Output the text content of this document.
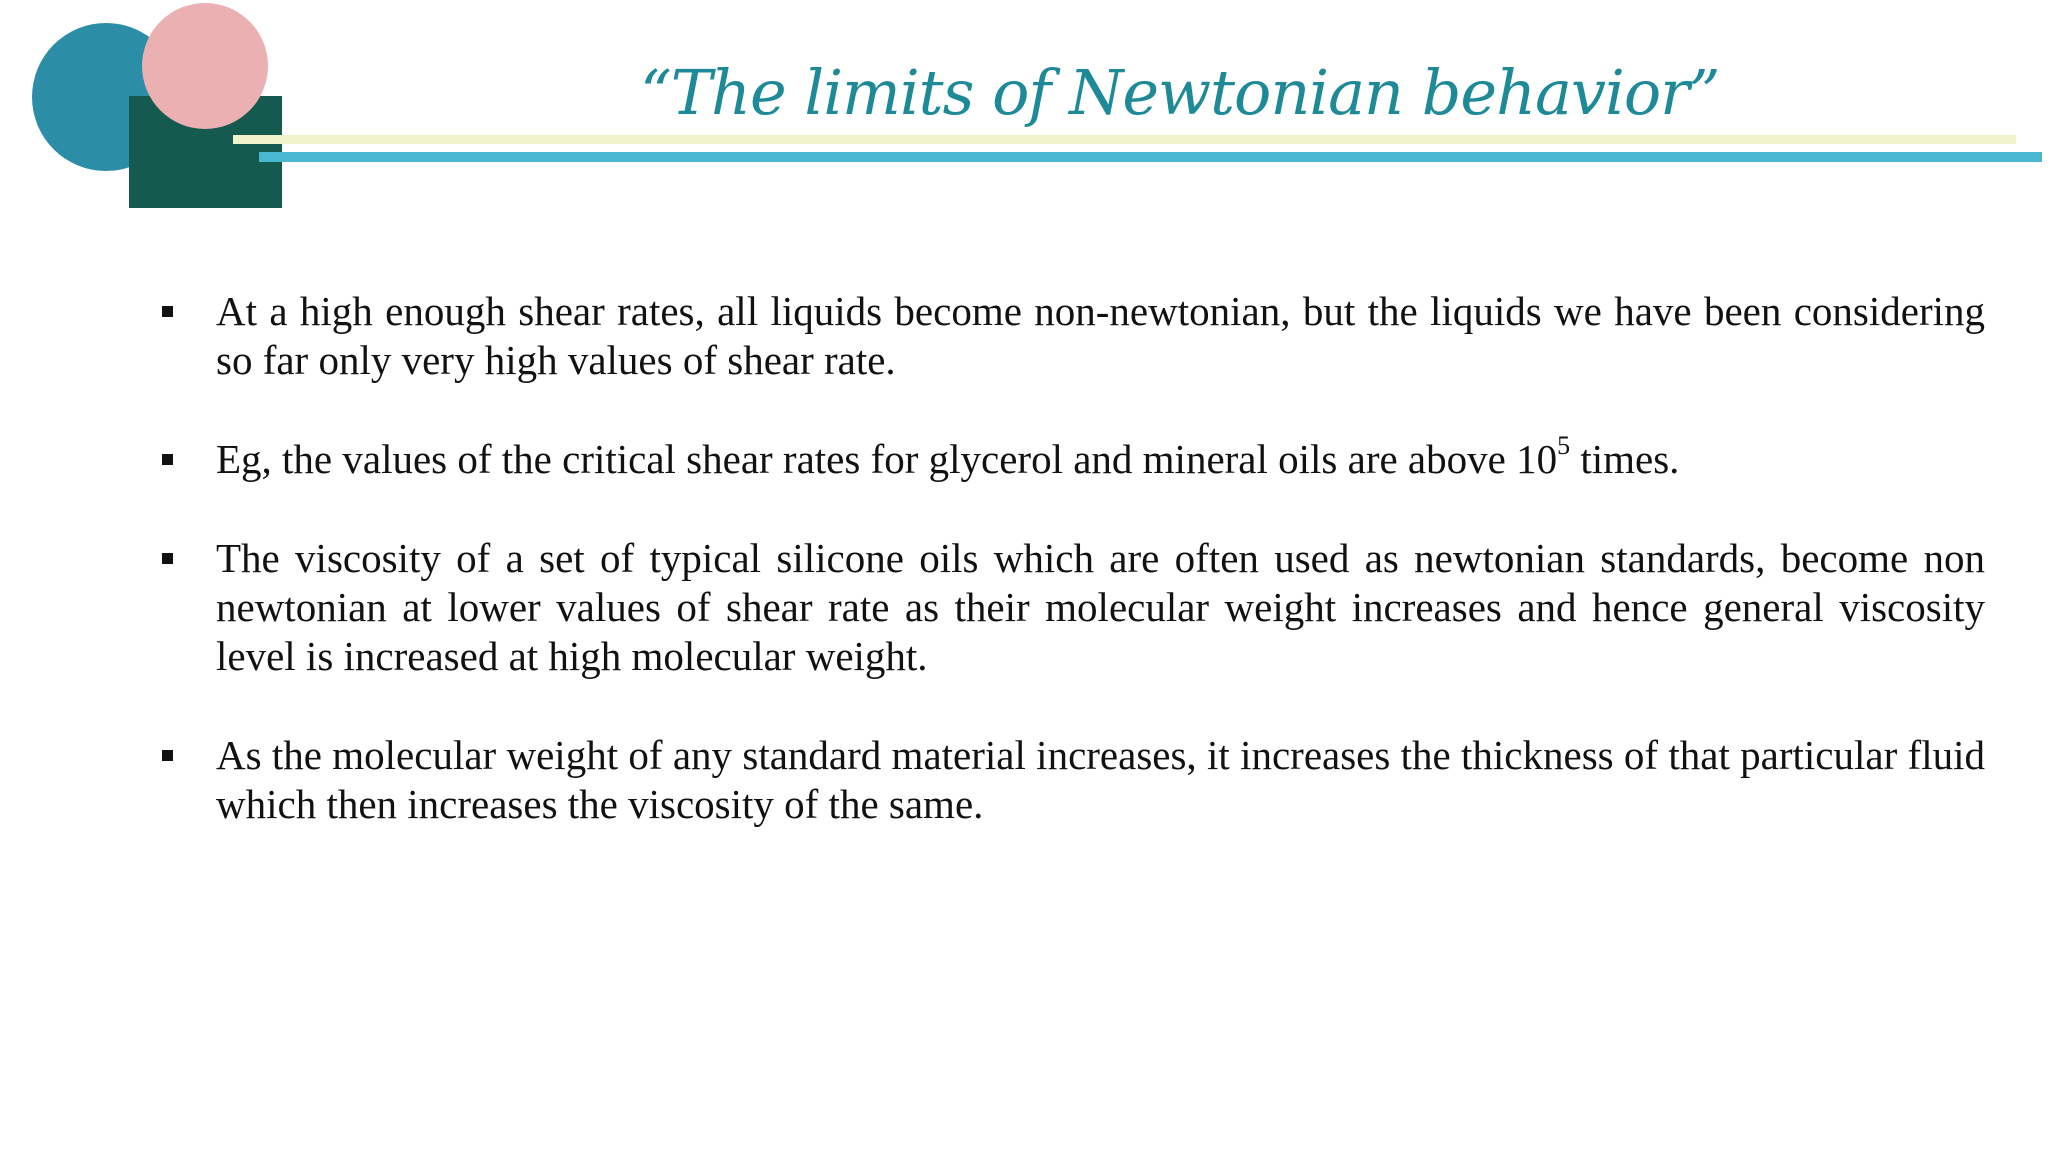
“The limits of Newtonian behavior”
At a high enough shear rates, all liquids become non-newtonian, but the liquids we have been considering so far only very high values of shear rate.
Eg, the values of the critical shear rates for glycerol and mineral oils are above $10^5$ times.
The viscosity of a set of typical silicone oils which are often used as newtonian standards, become non newtonian at lower values of shear rate as their molecular weight increases and hence general viscosity level is increased at high molecular weight.
As the molecular weight of any standard material increases, it increases the thickness of that particular fluid which then increases the viscosity of the same.
